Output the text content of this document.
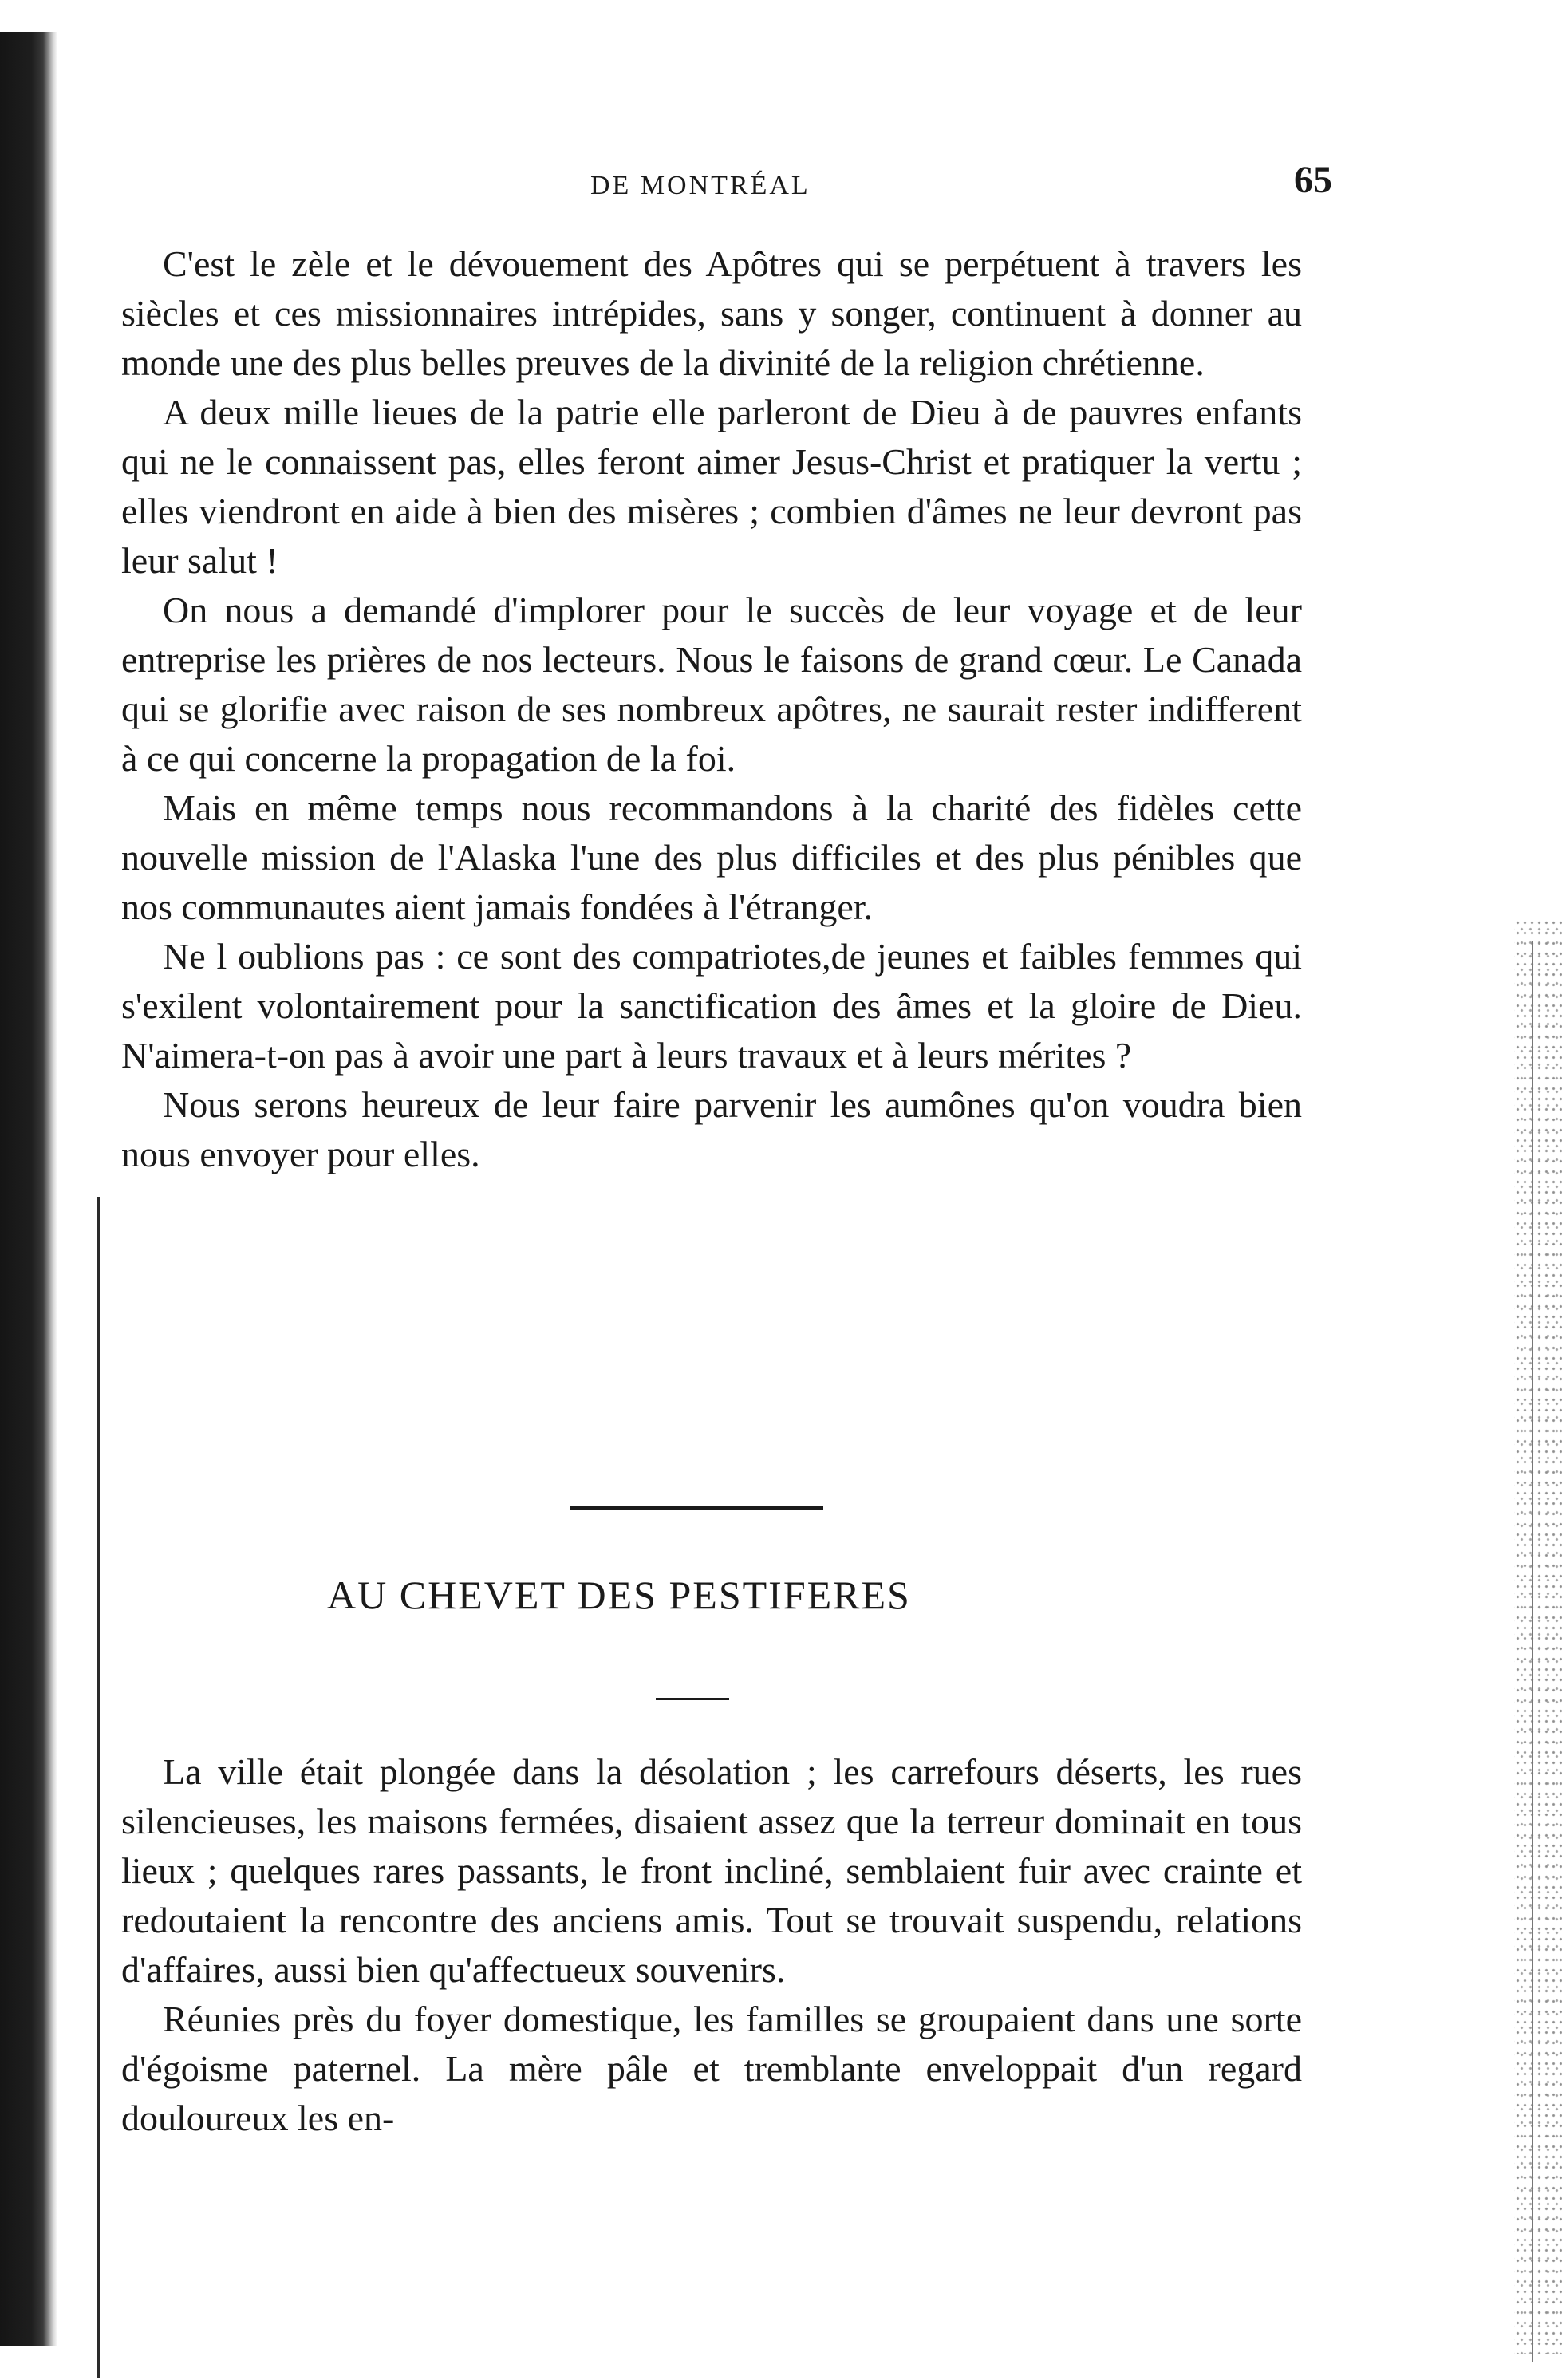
DE MONTRÉAL	65

C'est le zèle et le dévouement des Apôtres qui se perpétuent à travers les siècles et ces missionnaires intrépides, sans y songer, continuent à donner au monde une des plus belles preuves de la divinité de la religion chrétienne.

A deux mille lieues de la patrie elle parleront de Dieu à de pauvres enfants qui ne le connaissent pas, elles feront aimer Jesus-Christ et pratiquer la vertu ; elles viendront en aide à bien des misères ; combien d'âmes ne leur devront pas leur salut !

On nous a demandé d'implorer pour le succès de leur voyage et de leur entreprise les prières de nos lecteurs. Nous le faisons de grand cœur. Le Canada qui se glorifie avec raison de ses nombreux apôtres, ne saurait rester indifferent à ce qui concerne la propagation de la foi.

Mais en même temps nous recommandons à la charité des fidèles cette nouvelle mission de l'Alaska l'une des plus difficiles et des plus pénibles que nos communautes aient jamais fondées à l'étranger.

Ne l oublions pas : ce sont des compatriotes,de jeunes et faibles femmes qui s'exilent volontairement pour la sanctification des âmes et la gloire de Dieu. N'aimera-t-on pas à avoir une part à leurs travaux et à leurs mérites ?

Nous serons heureux de leur faire parvenir les aumônes qu'on voudra bien nous envoyer pour elles.

AU CHEVET DES PESTIFERES

La ville était plongée dans la désolation ; les carrefours déserts, les rues silencieuses, les maisons fermées, disaient assez que la terreur dominait en tous lieux ; quelques rares passants, le front incliné, semblaient fuir avec crainte et redoutaient la rencontre des anciens amis. Tout se trouvait suspendu, relations d'affaires, aussi bien qu'affectueux souvenirs.

Réunies près du foyer domestique, les familles se groupaient dans une sorte d'égoisme paternel. La mère pâle et tremblante enveloppait d'un regard douloureux les en-
